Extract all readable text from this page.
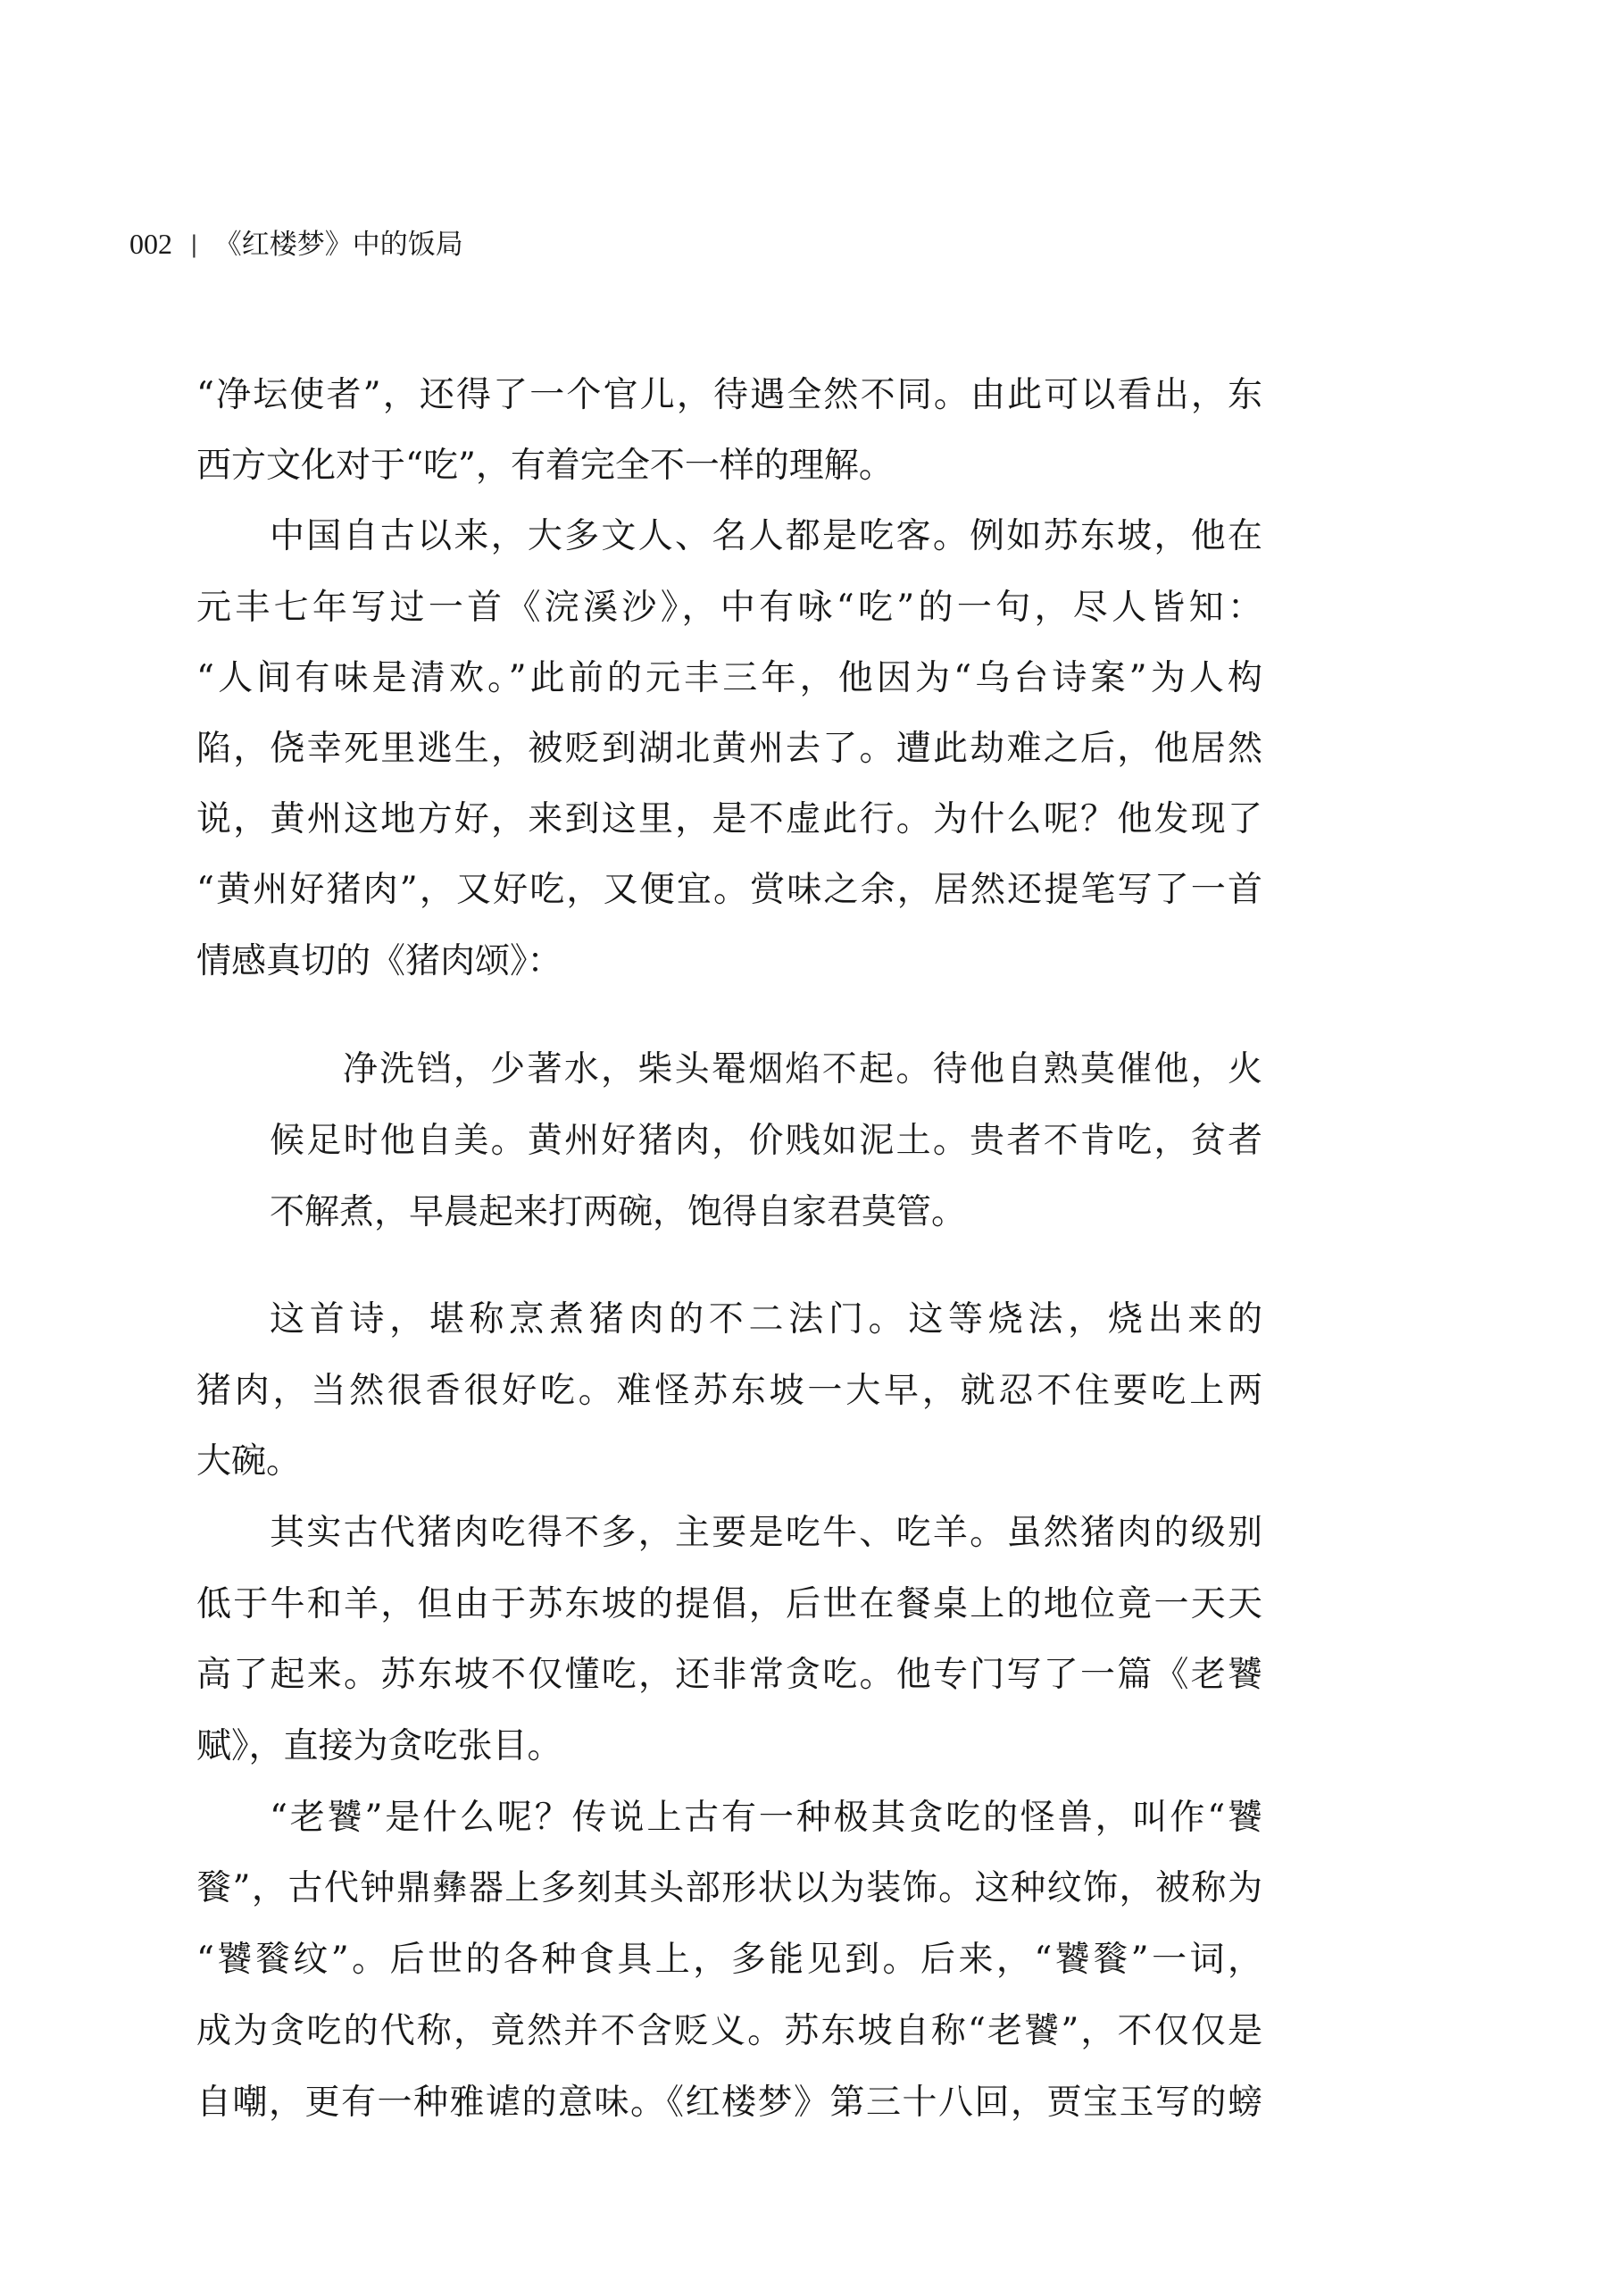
002 | 《红楼梦》中的饭局
“净坛使者”，还得了一个官儿，待遇全然不同。由此可以看出，东
西方文化对于“吃”，有着完全不一样的理解。
中国自古以来，大多文人、名人都是吃客。例如苏东坡，他在
元丰七年写过一首《浣溪沙》，中有咏“吃”的一句，尽人皆知：
“人间有味是清欢。”此前的元丰三年，他因为“乌台诗案”为人构
陷，侥幸死里逃生，被贬到湖北黄州去了。遭此劫难之后，他居然
说，黄州这地方好，来到这里，是不虚此行。为什么呢？他发现了
“黄州好猪肉”，又好吃，又便宜。赏味之余，居然还提笔写了一首
情感真切的《猪肉颂》：
净洗铛，少著水，柴头罨烟焰不起。待他自熟莫催他，火
候足时他自美。黄州好猪肉，价贱如泥土。贵者不肯吃，贫者
不解煮，早晨起来打两碗，饱得自家君莫管。
这首诗，堪称烹煮猪肉的不二法门。这等烧法，烧出来的
猪肉，当然很香很好吃。难怪苏东坡一大早，就忍不住要吃上两
大碗。
其实古代猪肉吃得不多，主要是吃牛、吃羊。虽然猪肉的级别
低于牛和羊，但由于苏东坡的提倡，后世在餐桌上的地位竟一天天
高了起来。苏东坡不仅懂吃，还非常贪吃。他专门写了一篇《老饕
赋》，直接为贪吃张目。
“老饕”是什么呢？传说上古有一种极其贪吃的怪兽，叫作“饕
餮”，古代钟鼎彝器上多刻其头部形状以为装饰。这种纹饰，被称为
“饕餮纹”。后世的各种食具上，多能见到。后来，“饕餮”一词，
成为贪吃的代称，竟然并不含贬义。苏东坡自称“老饕”，不仅仅是
自嘲，更有一种雅谑的意味。《红楼梦》第三十八回，贾宝玉写的螃
